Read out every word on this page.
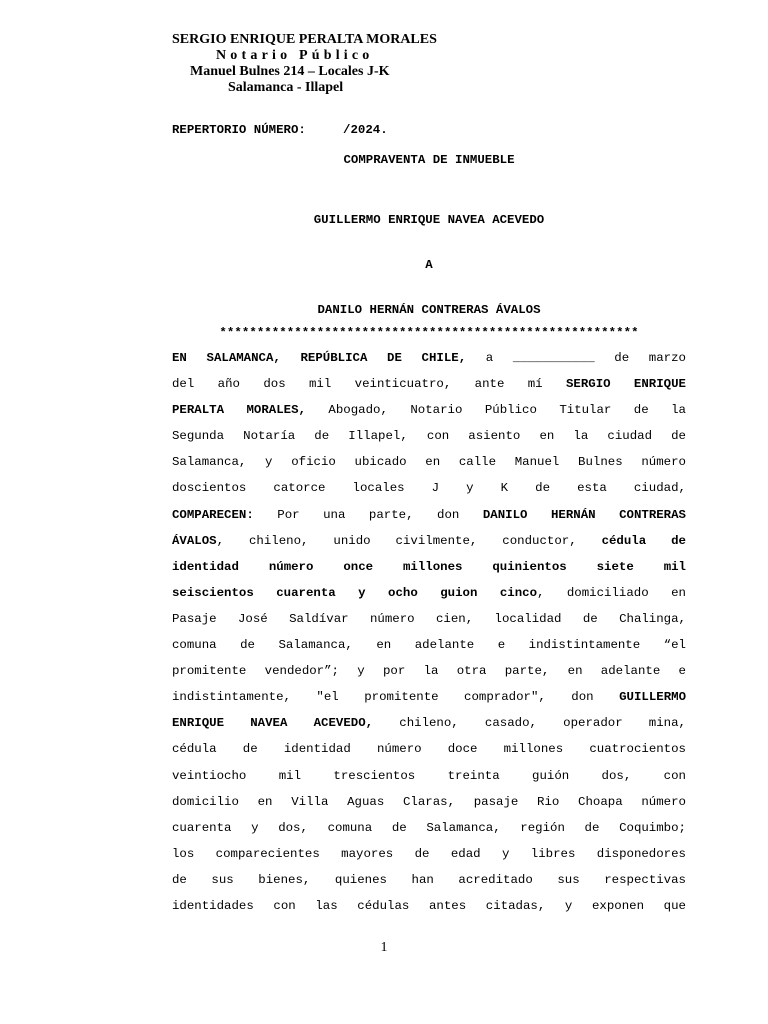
SERGIO ENRIQUE PERALTA MORALES
Notario Público
Manuel Bulnes 214 – Locales J-K
Salamanca - Illapel
REPERTORIO NÚMERO:     /2024.
COMPRAVENTA DE INMUEBLE
GUILLERMO ENRIQUE NAVEA ACEVEDO
A
DANILO HERNÁN CONTRERAS ÁVALOS
********************************************************
EN SALAMANCA, REPÚBLICA DE CHILE, a ___________ de marzo
del año dos mil veinticuatro, ante mí SERGIO ENRIQUE
PERALTA MORALES, Abogado, Notario Público Titular de la
Segunda Notaría de Illapel, con asiento en la ciudad de
Salamanca, y oficio ubicado en calle Manuel Bulnes número
doscientos catorce locales J y K de esta ciudad,
COMPARECEN: Por una parte, don DANILO HERNÁN CONTRERAS
ÁVALOS, chileno, unido civilmente, conductor, cédula de
identidad número once millones quinientos siete mil
seiscientos cuarenta y ocho guion cinco, domiciliado en
Pasaje José Saldívar número cien, localidad de Chalinga,
comuna de Salamanca, en adelante e indistintamente “el
promitente vendedor”; y por la otra parte, en adelante e
indistintamente, "el promitente comprador", don GUILLERMO
ENRIQUE NAVEA ACEVEDO, chileno, casado, operador mina,
cédula de identidad número doce millones cuatrocientos
veintiocho mil trescientos treinta guión dos, con
domicilio en Villa Aguas Claras, pasaje Rio Choapa número
cuarenta y dos, comuna de Salamanca, región de Coquimbo;
los comparecientes mayores de edad y libres disponedores
de sus bienes, quienes han acreditado sus respectivas
identidades con las cédulas antes citadas, y exponen que
1
